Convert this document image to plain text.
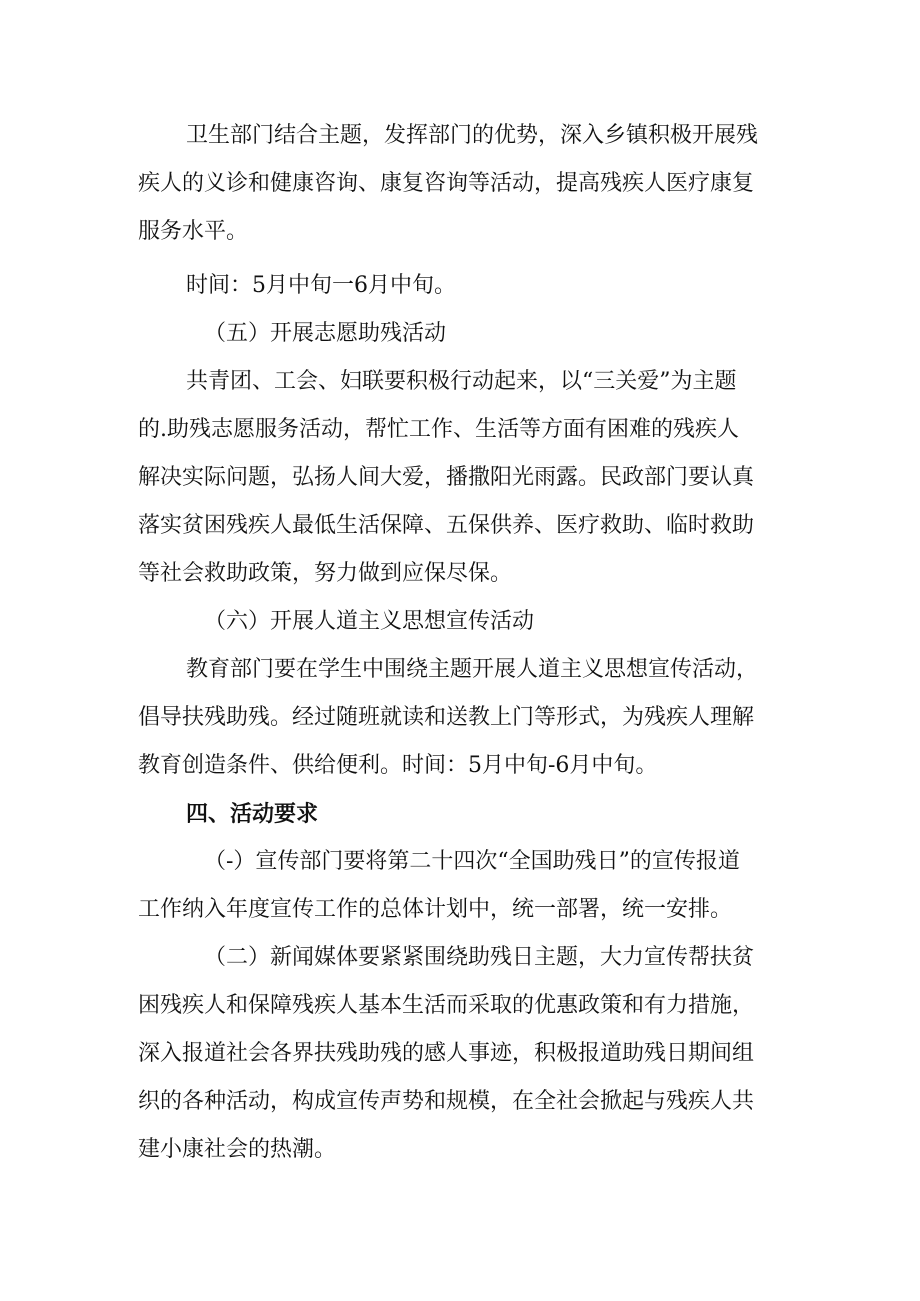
卫生部门结合主题，发挥部门的优势，深入乡镇积极开展残
疾人的义诊和健康咨询、康复咨询等活动，提高残疾人医疗康复
服务水平。
时间：5月中旬一6月中旬。
（五）开展志愿助残活动
共青团、工会、妇联要积极行动起来，以“三关爱”为主题
的.助残志愿服务活动，帮忙工作、生活等方面有困难的残疾人
解决实际问题，弘扬人间大爱，播撒阳光雨露。民政部门要认真
落实贫困残疾人最低生活保障、五保供养、医疗救助、临时救助
等社会救助政策，努力做到应保尽保。
（六）开展人道主义思想宣传活动
教育部门要在学生中围绕主题开展人道主义思想宣传活动，
倡导扶残助残。经过随班就读和送教上门等形式，为残疾人理解
教育创造条件、供给便利。时间：5月中旬-6月中旬。
四、活动要求
（-）宣传部门要将第二十四次“全国助残日”的宣传报道
工作纳入年度宣传工作的总体计划中，统一部署，统一安排。
（二）新闻媒体要紧紧围绕助残日主题，大力宣传帮扶贫
困残疾人和保障残疾人基本生活而采取的优惠政策和有力措施，
深入报道社会各界扶残助残的感人事迹，积极报道助残日期间组
织的各种活动，构成宣传声势和规模，在全社会掀起与残疾人共
建小康社会的热潮。
